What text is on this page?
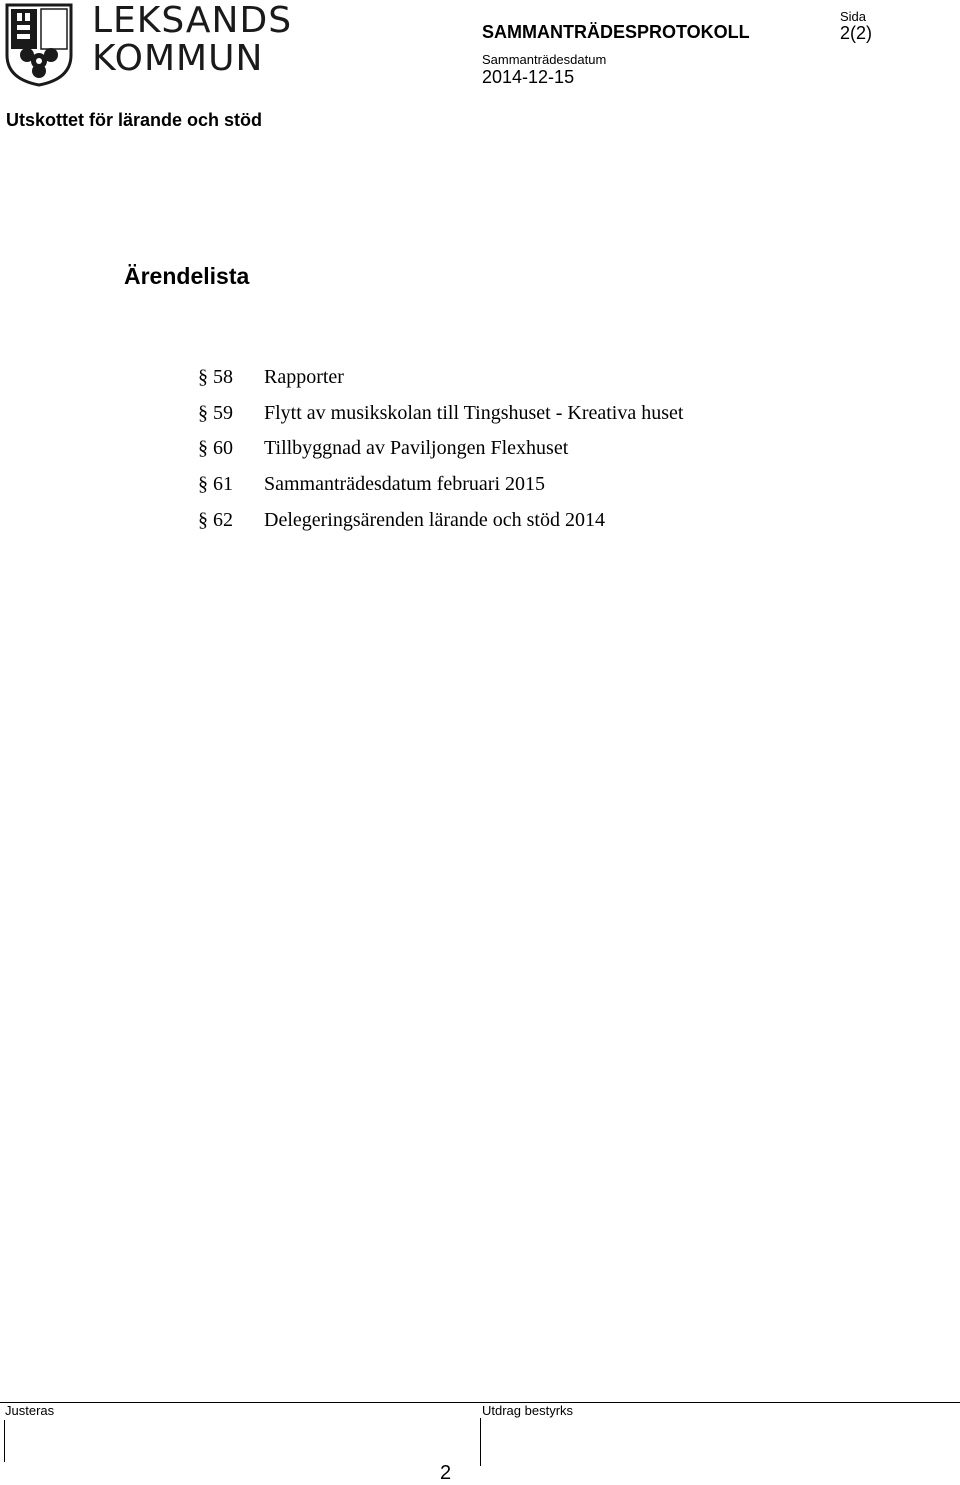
LEKSANDS
KOMMUN
SAMMANTRÄDESPROTOKOLL
Sida
2(2)
Sammanträdesdatum
2014-12-15
Utskottet för lärande och stöd
Ärendelista
§ 58	Rapporter
§ 59	Flytt av musikskolan till Tingshuset - Kreativa huset
§ 60	Tillbyggnad av Paviljongen Flexhuset
§ 61	Sammanträdesdatum februari 2015
§ 62	Delegeringsärenden lärande och stöd 2014
Justeras	Utdrag bestyrks
2
